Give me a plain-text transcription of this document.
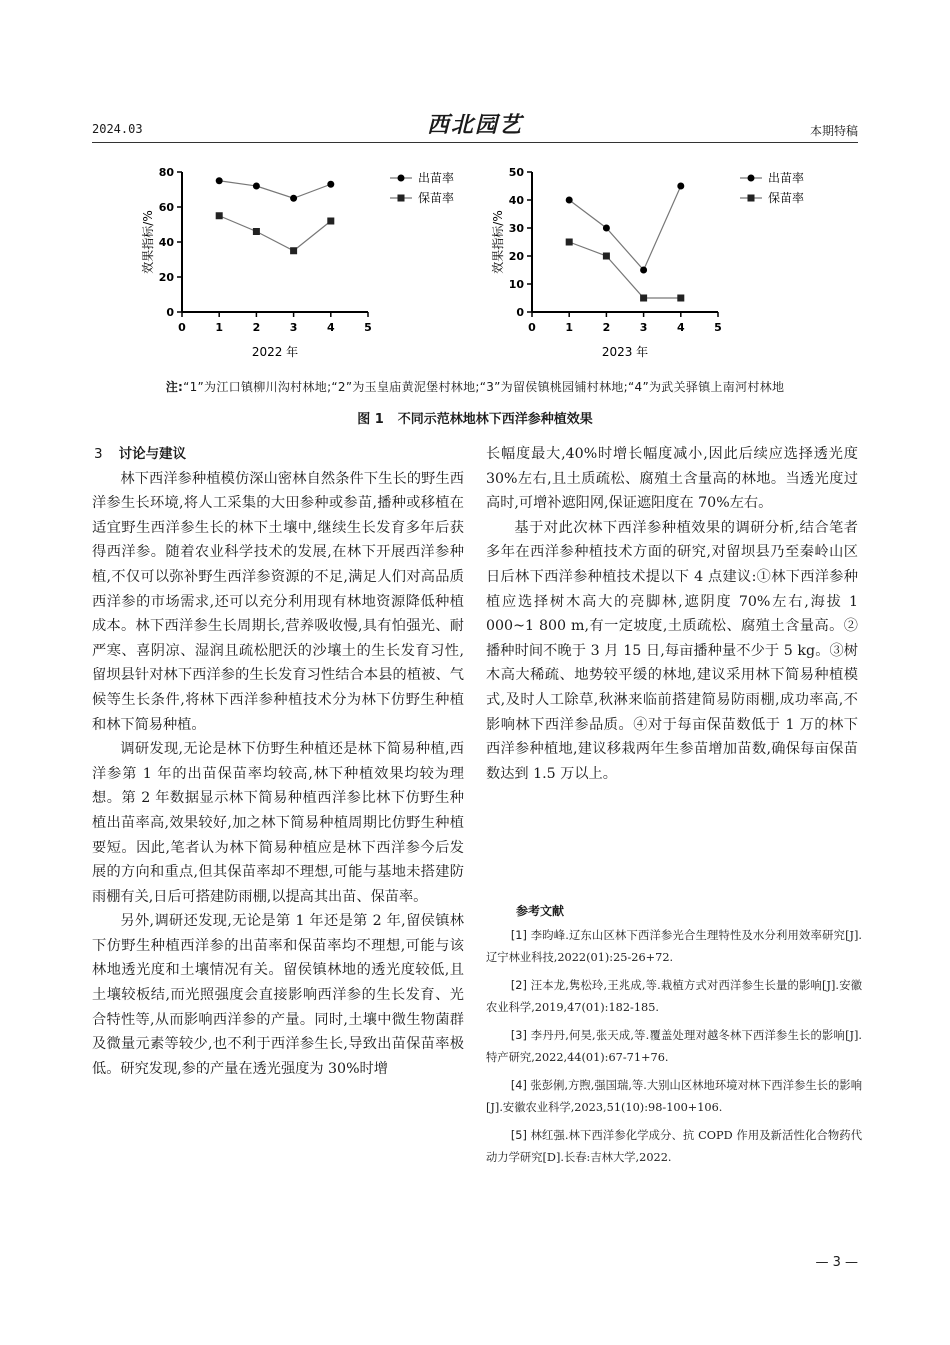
2024.03	西北园艺	本期特稿
0
20
40
60
80
0	1	2	3	4	5
效果指标/%
2022 年
出苗率
保苗率
0
10
20
30
40
50
0	1	2	3	4	5
效果指标/%
2023 年
出苗率
保苗率
注:“1”为江口镇柳川沟村林地;“2”为玉皇庙黄泥堡村林地;“3”为留侯镇桃园铺村林地;“4”为武关驿镇上南河村林地
图 1 不同示范林地林下西洋参种植效果
3 讨论与建议

林下西洋参种植模仿深山密林自然条件下生长的野生西洋参生长环境,将人工采集的大田参种或参苗,播种或移植在适宜野生西洋参生长的林下土壤中,继续生长发育多年后获得西洋参。随着农业科学技术的发展,在林下开展西洋参种植,不仅可以弥补野生西洋参资源的不足,满足人们对高品质西洋参的市场需求,还可以充分利用现有林地资源降低种植成本。林下西洋参生长周期长,营养吸收慢,具有怕强光、耐严寒、喜阴凉、湿润且疏松肥沃的沙壤土的生长发育习性,留坝县针对林下西洋参的生长发育习性结合本县的植被、气候等生长条件,将林下西洋参种植技术分为林下仿野生种植和林下简易种植。

调研发现,无论是林下仿野生种植还是林下简易种植,西洋参第 1 年的出苗保苗率均较高,林下种植效果均较为理想。第 2 年数据显示林下简易种植西洋参比林下仿野生种植出苗率高,效果较好,加之林下简易种植周期比仿野生种植要短。因此,笔者认为林下简易种植应是林下西洋参今后发展的方向和重点,但其保苗率却不理想,可能与基地未搭建防雨棚有关,日后可搭建防雨棚,以提高其出苗、保苗率。

另外,调研还发现,无论是第 1 年还是第 2 年,留侯镇林下仿野生种植西洋参的出苗率和保苗率均不理想,可能与该林地透光度和土壤情况有关。留侯镇林地的透光度较低,且土壤较板结,而光照强度会直接影响西洋参的生长发育、光合特性等,从而影响西洋参的产量。同时,土壤中微生物菌群及微量元素等较少,也不利于西洋参生长,导致出苗保苗率极低。研究发现,参的产量在透光强度为 30%时增

长幅度最大,40%时增长幅度减小,因此后续应选择透光度 30%左右,且土质疏松、腐殖土含量高的林地。当透光度过高时,可增补遮阳网,保证遮阳度在 70%左右。

基于对此次林下西洋参种植效果的调研分析,结合笔者多年在西洋参种植技术方面的研究,对留坝县乃至秦岭山区日后林下西洋参种植技术提以下 4 点建议:①林下西洋参种植应选择树木高大的亮脚林,遮阴度 70%左右,海拔 1 000~1 800 m,有一定坡度,土质疏松、腐殖土含量高。②播种时间不晚于 3 月 15 日,每亩播种量不少于 5 kg。③树木高大稀疏、地势较平缓的林地,建议采用林下简易种植模式,及时人工除草,秋淋来临前搭建简易防雨棚,成功率高,不影响林下西洋参品质。④对于每亩保苗数低于 1 万的林下西洋参种植地,建议移栽两年生参苗增加苗数,确保每亩保苗数达到 1.5 万以上。

参考文献
[1] 李昀峰.辽东山区林下西洋参光合生理特性及水分利用效率研究[J].辽宁林业科技,2022(01):25-26+72.
[2] 汪本龙,隽松玲,王兆成,等.栽植方式对西洋参生长量的影响[J].安徽农业科学,2019,47(01):182-185.
[3] 李丹丹,何昊,张天成,等.覆盖处理对越冬林下西洋参生长的影响[J].特产研究,2022,44(01):67-71+76.
[4] 张彭俐,方煦,强国瑞,等.大别山区林地环境对林下西洋参生长的影响[J].安徽农业科学,2023,51(10):98-100+106.
[5] 林红强.林下西洋参化学成分、抗 COPD 作用及新活性化合物药代动力学研究[D].长春:吉林大学,2022.
— 3 —
